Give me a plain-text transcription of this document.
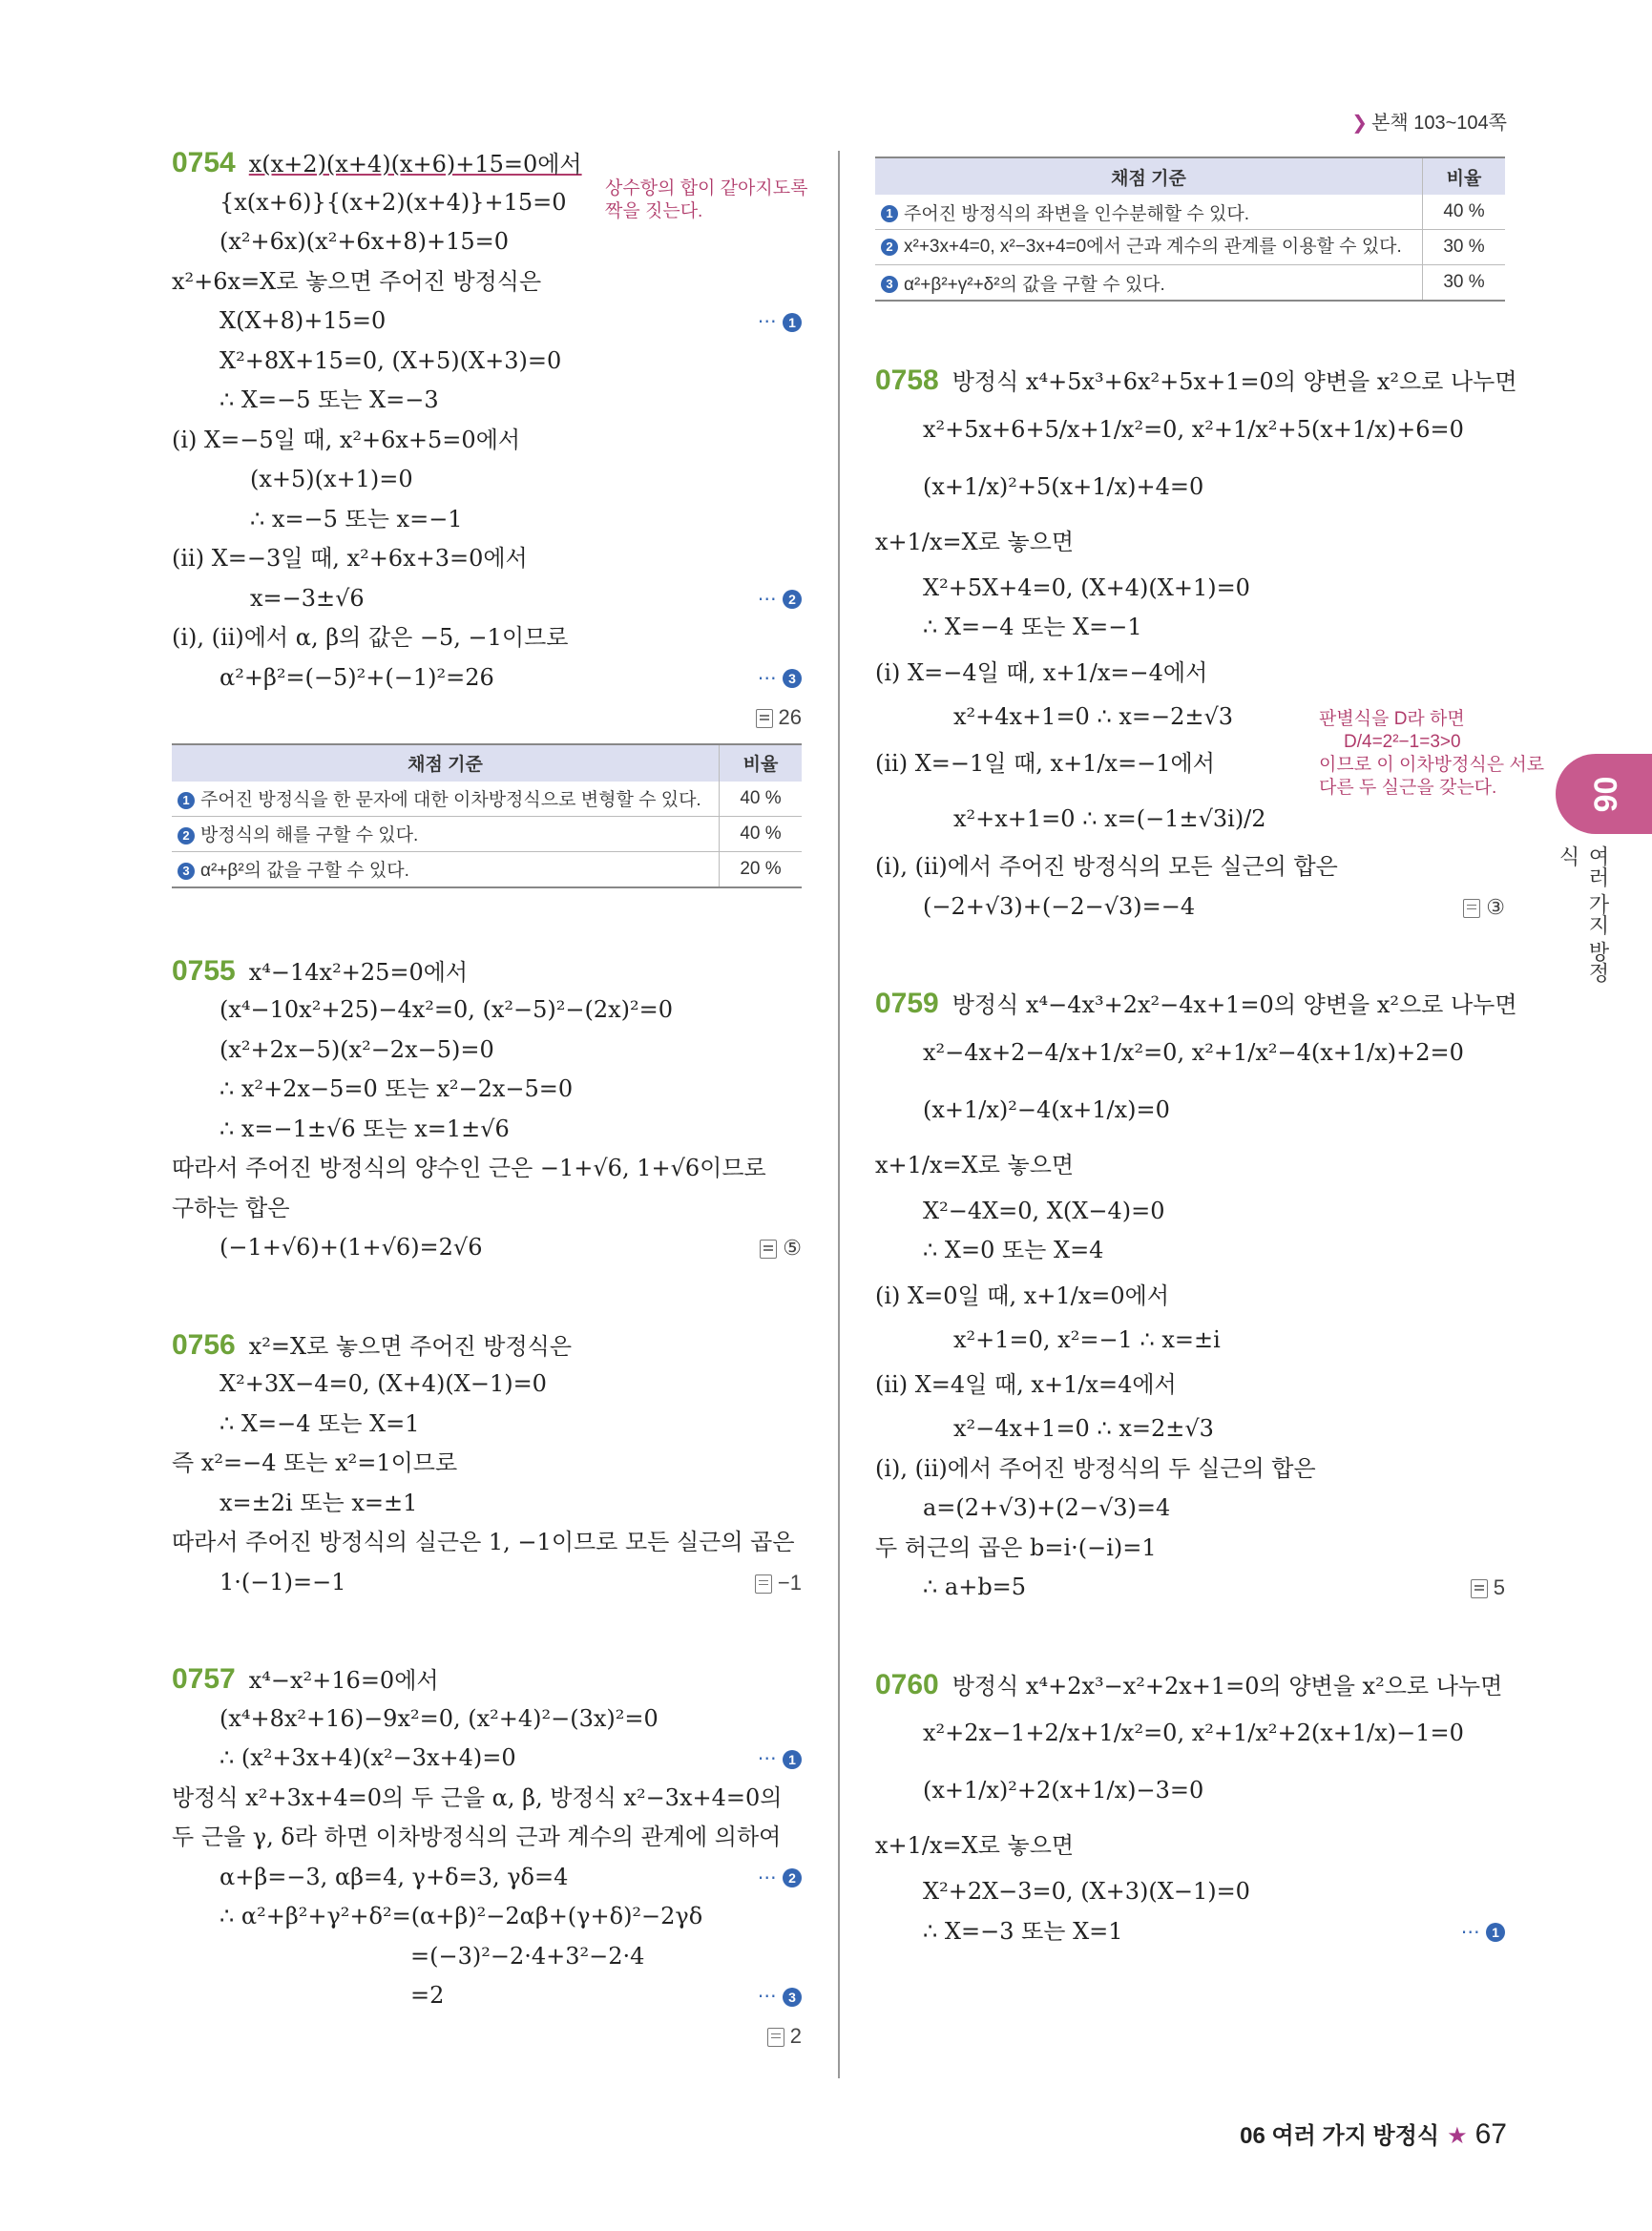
❯ 본책 103~104쪽
0754 x(x+2)(x+4)(x+6)+15=0에서
{x(x+6)}{(x+2)(x+4)}+15=0
(x²+6x)(x²+6x+8)+15=0
x²+6x=X로 놓으면 주어진 방정식은
X(X+8)+15=0	⋯ 1
X²+8X+15=0, (X+5)(X+3)=0
∴ X=−5 또는 X=−3
(i) X=−5일 때, x²+6x+5=0에서
(x+5)(x+1)=0
∴ x=−5 또는 x=−1
(ii) X=−3일 때, x²+6x+3=0에서
x=−3±√6	⋯ 2
(i), (ii)에서 α, β의 값은 −5, −1이므로
α²+β²=(−5)²+(−1)²=26	⋯ 3
26
채점 기준	비율
1 주어진 방정식을 한 문자에 대한 이차방정식으로 변형할 수 있다.	40 %
2 방정식의 해를 구할 수 있다.	40 %
3 α²+β²의 값을 구할 수 있다.	20 %
0755 x⁴−14x²+25=0에서
(x⁴−10x²+25)−4x²=0, (x²−5)²−(2x)²=0
(x²+2x−5)(x²−2x−5)=0
∴ x²+2x−5=0 또는 x²−2x−5=0
∴ x=−1±√6 또는 x=1±√6
따라서 주어진 방정식의 양수인 근은 −1+√6, 1+√6이므로
구하는 합은
(−1+√6)+(1+√6)=2√6	⑤
0756 x²=X로 놓으면 주어진 방정식은
X²+3X−4=0, (X+4)(X−1)=0
∴ X=−4 또는 X=1
즉 x²=−4 또는 x²=1이므로
x=±2i 또는 x=±1
따라서 주어진 방정식의 실근은 1, −1이므로 모든 실근의 곱은
1·(−1)=−1	−1
0757 x⁴−x²+16=0에서
(x⁴+8x²+16)−9x²=0, (x²+4)²−(3x)²=0
∴ (x²+3x+4)(x²−3x+4)=0	⋯ 1
방정식 x²+3x+4=0의 두 근을 α, β, 방정식 x²−3x+4=0의
두 근을 γ, δ라 하면 이차방정식의 근과 계수의 관계에 의하여
α+β=−3, αβ=4, γ+δ=3, γδ=4	⋯ 2
∴ α²+β²+γ²+δ²=(α+β)²−2αβ+(γ+δ)²−2γδ
=(−3)²−2·4+3²−2·4
=2	⋯ 3
2
상수항의 합이 같아지도록
짝을 짓는다.
채점 기준	비율
1 주어진 방정식의 좌변을 인수분해할 수 있다.	40 %
2 x²+3x+4=0, x²−3x+4=0에서 근과 계수의 관계를 이용할 수 있다.	30 %
3 α²+β²+γ²+δ²의 값을 구할 수 있다.	30 %
0758 방정식 x⁴+5x³+6x²+5x+1=0의 양변을 x²으로 나누면
x²+5x+6+5/x+1/x²=0, x²+1/x²+5(x+1/x)+6=0
(x+1/x)²+5(x+1/x)+4=0
x+1/x=X로 놓으면
X²+5X+4=0, (X+4)(X+1)=0
∴ X=−4 또는 X=−1
(i) X=−4일 때, x+1/x=−4에서
x²+4x+1=0 ∴ x=−2±√3
(ii) X=−1일 때, x+1/x=−1에서
x²+x+1=0 ∴ x=(−1±√3i)/2
(i), (ii)에서 주어진 방정식의 모든 실근의 합은
(−2+√3)+(−2−√3)=−4	③
0759 방정식 x⁴−4x³+2x²−4x+1=0의 양변을 x²으로 나누면
x²−4x+2−4/x+1/x²=0, x²+1/x²−4(x+1/x)+2=0
(x+1/x)²−4(x+1/x)=0
x+1/x=X로 놓으면
X²−4X=0, X(X−4)=0
∴ X=0 또는 X=4
(i) X=0일 때, x+1/x=0에서
x²+1=0, x²=−1 ∴ x=±i
(ii) X=4일 때, x+1/x=4에서
x²−4x+1=0 ∴ x=2±√3
(i), (ii)에서 주어진 방정식의 두 실근의 합은
a=(2+√3)+(2−√3)=4
두 허근의 곱은 b=i·(−i)=1
∴ a+b=5	5
0760 방정식 x⁴+2x³−x²+2x+1=0의 양변을 x²으로 나누면
x²+2x−1+2/x+1/x²=0, x²+1/x²+2(x+1/x)−1=0
(x+1/x)²+2(x+1/x)−3=0
x+1/x=X로 놓으면
X²+2X−3=0, (X+3)(X−1)=0
∴ X=−3 또는 X=1	⋯ 1
판별식을 D라 하면
D/4=2²−1=3>0
이므로 이 이차방정식은 서로
다른 두 실근을 갖는다.	06
여러 가지 방정식
06 여러 가지 방정식 ★ 67
